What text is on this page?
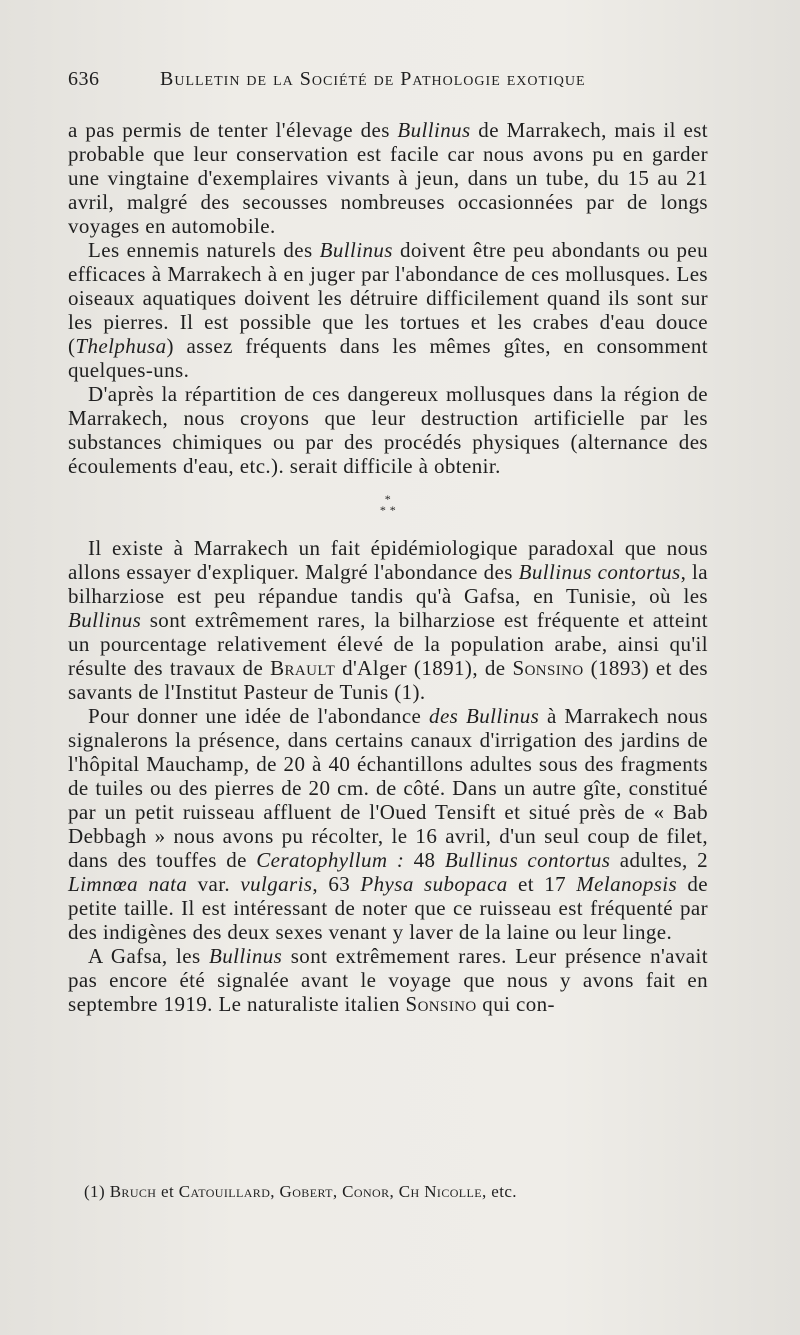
636	Bulletin de la Société de Pathologie exotique

a pas permis de tenter l'élevage des Bullinus de Marrakech, mais il est probable que leur conservation est facile car nous avons pu en garder une vingtaine d'exemplaires vivants à jeun, dans un tube, du 15 au 21 avril, malgré des secousses nombreuses occasionnées par de longs voyages en automobile.

Les ennemis naturels des Bullinus doivent être peu abondants ou peu efficaces à Marrakech à en juger par l'abondance de ces mollusques. Les oiseaux aquatiques doivent les détruire difficilement quand ils sont sur les pierres. Il est possible que les tortues et les crabes d'eau douce (Thelphusa) assez fréquents dans les mêmes gîtes, en consomment quelques-uns.

D'après la répartition de ces dangereux mollusques dans la région de Marrakech, nous croyons que leur destruction artificielle par les substances chimiques ou par des procédés physiques (alternance des écoulements d'eau, etc.). serait difficile à obtenir.

*
* *

Il existe à Marrakech un fait épidémiologique paradoxal que nous allons essayer d'expliquer. Malgré l'abondance des Bullinus contortus, la bilharziose est peu répandue tandis qu'à Gafsa, en Tunisie, où les Bullinus sont extrêmement rares, la bilharziose est fréquente et atteint un pourcentage relativement élevé de la population arabe, ainsi qu'il résulte des travaux de Brault d'Alger (1891), de Sonsino (1893) et des savants de l'Institut Pasteur de Tunis (1).

Pour donner une idée de l'abondance des Bullinus à Marrakech nous signalerons la présence, dans certains canaux d'irrigation des jardins de l'hôpital Mauchamp, de 20 à 40 échantillons adultes sous des fragments de tuiles ou des pierres de 20 cm. de côté. Dans un autre gîte, constitué par un petit ruisseau affluent de l'Oued Tensift et situé près de « Bab Debbagh » nous avons pu récolter, le 16 avril, d'un seul coup de filet, dans des touffes de Ceratophyllum : 48 Bullinus contortus adultes, 2 Limnœa nata var. vulgaris, 63 Physa subopaca et 17 Melanopsis de petite taille. Il est intéressant de noter que ce ruisseau est fréquenté par des indigènes des deux sexes venant y laver de la laine ou leur linge.

A Gafsa, les Bullinus sont extrêmement rares. Leur présence n'avait pas encore été signalée avant le voyage que nous y avons fait en septembre 1919. Le naturaliste italien Sonsino qui con-

(1) Bruch et Catouillard, Gobert, Conor, Ch Nicolle, etc.
